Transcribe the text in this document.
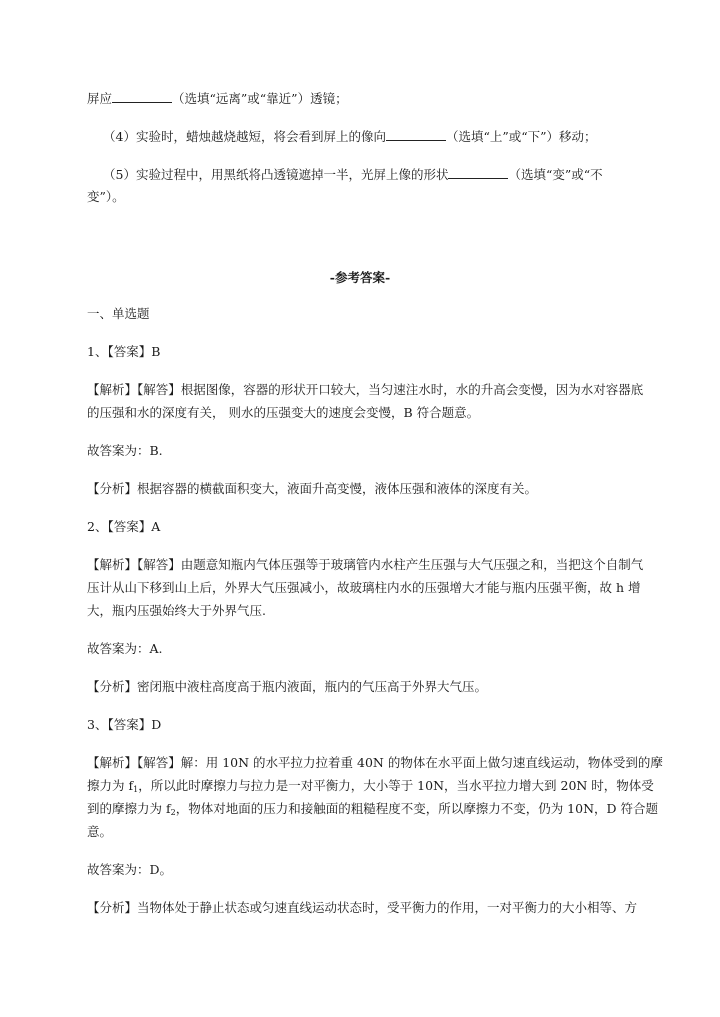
屏应	（选填“远离”或“靠近”）透镜；
（4）实验时，蜡烛越烧越短，将会看到屏上的像向	（选填“上”或“下”）移动；
（5）实验过程中，用黑纸将凸透镜遮掉一半，光屏上像的形状	（选填“变”或“不
变”）。
-参考答案-
一、单选题
1、【答案】B
【解析】【解答】根据图像，容器的形状开口较大，当匀速注水时，水的升高会变慢，因为水对容器底
的压强和水的深度有关， 则水的压强变大的速度会变慢，B 符合题意。
故答案为：B.
【分析】根据容器的横截面积变大，液面升高变慢，液体压强和液体的深度有关。
2、【答案】A
【解析】【解答】由题意知瓶内气体压强等于玻璃管内水柱产生压强与大气压强之和，当把这个自制气
压计从山下移到山上后，外界大气压强减小，故玻璃柱内水的压强增大才能与瓶内压强平衡，故 h 增
大，瓶内压强始终大于外界气压.
故答案为：A.
【分析】密闭瓶中液柱高度高于瓶内液面，瓶内的气压高于外界大气压。
3、【答案】D
【解析】【解答】解：用 10N 的水平拉力拉着重 40N 的物体在水平面上做匀速直线运动，物体受到的摩
擦力为 $f_1$，所以此时摩擦力与拉力是一对平衡力，大小等于 10N，当水平拉力增大到 20N 时，物体受
到的摩擦力为 $f_2$，物体对地面的压力和接触面的粗糙程度不变，所以摩擦力不变，仍为 10N，D 符合题
意。
故答案为：D。
【分析】当物体处于静止状态或匀速直线运动状态时，受平衡力的作用，一对平衡力的大小相等、方
